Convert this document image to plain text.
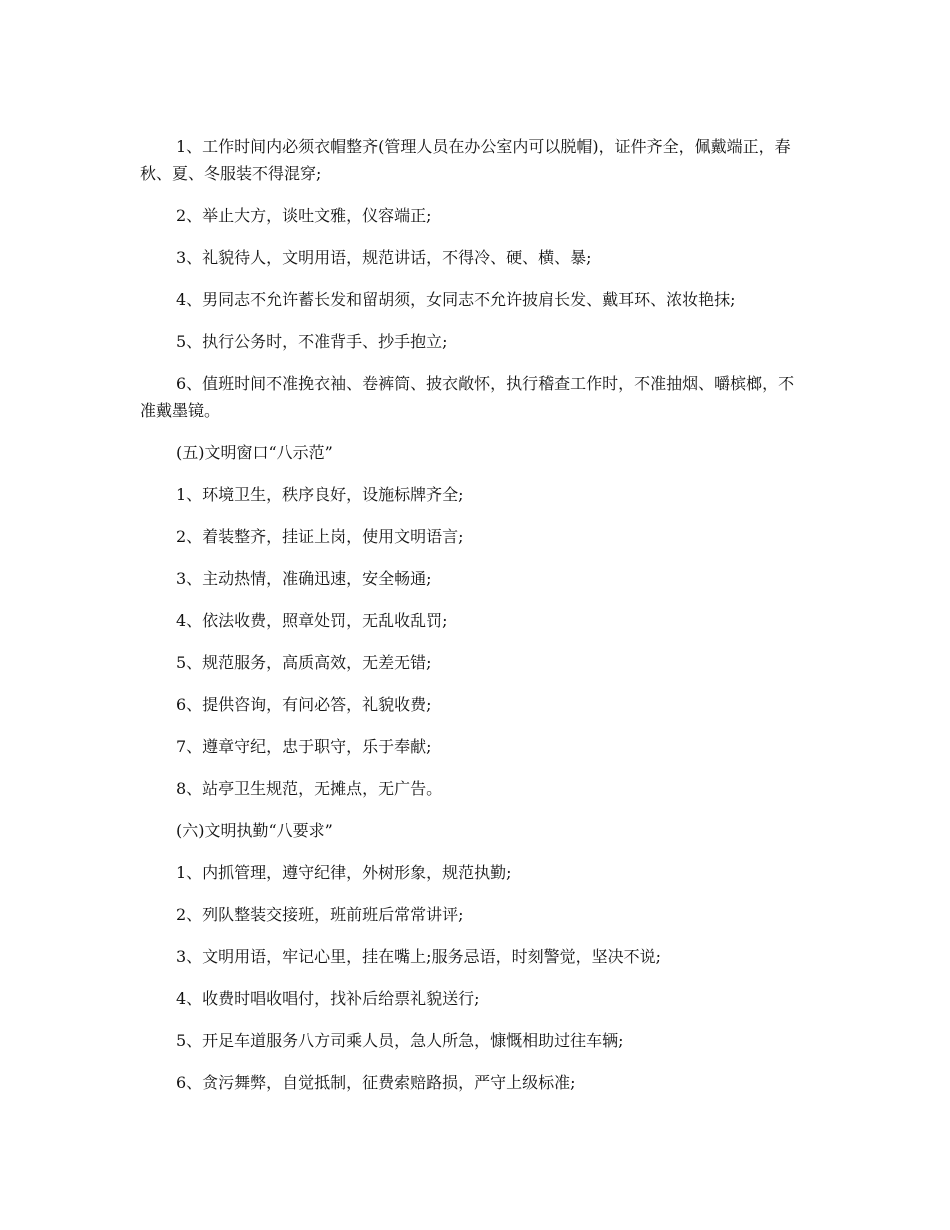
1、工作时间内必须衣帽整齐(管理人员在办公室内可以脱帽)，证件齐全，佩戴端正，春秋、夏、冬服装不得混穿;

2、举止大方，谈吐文雅，仪容端正;

3、礼貌待人，文明用语，规范讲话，不得冷、硬、横、暴;

4、男同志不允许蓄长发和留胡须，女同志不允许披肩长发、戴耳环、浓妆艳抹;

5、执行公务时，不准背手、抄手抱立;

6、值班时间不准挽衣袖、卷裤筒、披衣敞怀，执行稽查工作时，不准抽烟、嚼槟榔，不准戴墨镜。

(五)文明窗口“八示范”

1、环境卫生，秩序良好，设施标牌齐全;

2、着装整齐，挂证上岗，使用文明语言;

3、主动热情，准确迅速，安全畅通;

4、依法收费，照章处罚，无乱收乱罚;

5、规范服务，高质高效，无差无错;

6、提供咨询，有问必答，礼貌收费;

7、遵章守纪，忠于职守，乐于奉献;

8、站亭卫生规范，无摊点，无广告。

(六)文明执勤“八要求”

1、内抓管理，遵守纪律，外树形象，规范执勤;

2、列队整装交接班，班前班后常常讲评;

3、文明用语，牢记心里，挂在嘴上;服务忌语，时刻警觉，坚决不说;

4、收费时唱收唱付，找补后给票礼貌送行;

5、开足车道服务八方司乘人员，急人所急，慷慨相助过往车辆;

6、贪污舞弊，自觉抵制，征费索赔路损，严守上级标准;
